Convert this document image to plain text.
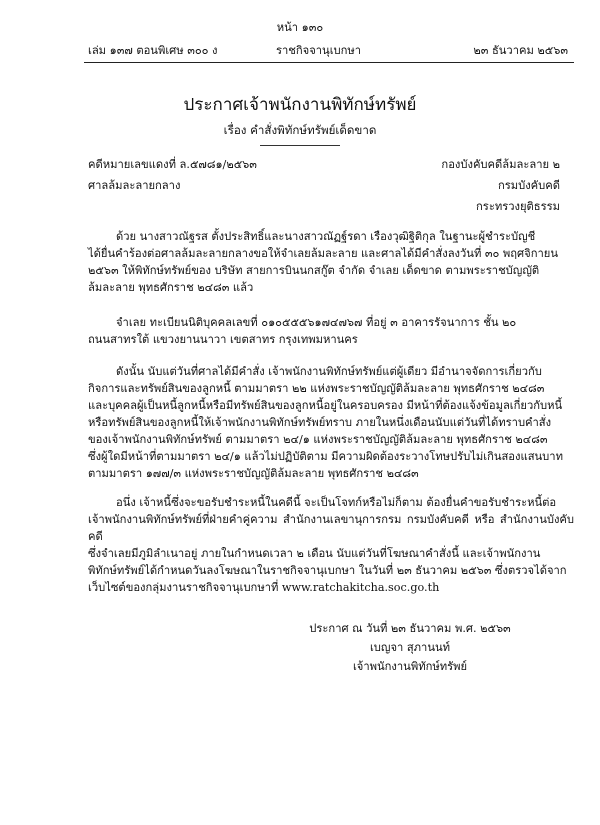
หน้า ๑๓๐
เล่ม ๑๓๗ ตอนพิเศษ ๓๐๐ ง	ราชกิจจานุเบกษา	๒๓ ธันวาคม ๒๕๖๓
ประกาศเจ้าพนักงานพิทักษ์ทรัพย์
เรื่อง คำสั่งพิทักษ์ทรัพย์เด็ดขาด
คดีหมายเลขแดงที่ ล.๕๗๘๑/๒๕๖๓
ศาลล้มละลายกลาง
กองบังคับคดีล้มละลาย ๒
กรมบังคับคดี
กระทรวงยุติธรรม

ด้วย นางสาวณัฐรส ตั้งประสิทธิ์และนางสาวณัฏฐ์รดา เรืองวุฒิฐิติกุล ในฐานะผู้ชำระบัญชี

ได้ยื่นคำร้องต่อศาลล้มละลายกลางขอให้จำเลยล้มละลาย และศาลได้มีคำสั่งลงวันที่ ๓๐ พฤศจิกายน

๒๕๖๓ ให้พิทักษ์ทรัพย์ของ บริษัท สายการบินนกสกู๊ต จำกัด จำเลย เด็ดขาด ตามพระราชบัญญัติ

ล้มละลาย พุทธศักราช ๒๔๘๓ แล้ว

จำเลย ทะเบียนนิติบุคคลเลขที่ ๐๑๐๕๕๕๖๑๗๔๗๖๗ ที่อยู่ ๓ อาคารรัจนาการ ชั้น ๒๐

ถนนสาทรใต้ แขวงยานนาวา เขตสาทร กรุงเทพมหานคร

ดังนั้น นับแต่วันที่ศาลได้มีคำสั่ง เจ้าพนักงานพิทักษ์ทรัพย์แต่ผู้เดียว มีอำนาจจัดการเกี่ยวกับ

กิจการและทรัพย์สินของลูกหนี้ ตามมาตรา ๒๒ แห่งพระราชบัญญัติล้มละลาย พุทธศักราช ๒๔๘๓

และบุคคลผู้เป็นหนี้ลูกหนี้หรือมีทรัพย์สินของลูกหนี้อยู่ในครอบครอง มีหน้าที่ต้องแจ้งข้อมูลเกี่ยวกับหนี้

หรือทรัพย์สินของลูกหนี้ให้เจ้าพนักงานพิทักษ์ทรัพย์ทราบ ภายในหนึ่งเดือนนับแต่วันที่ได้ทราบคำสั่ง

ของเจ้าพนักงานพิทักษ์ทรัพย์ ตามมาตรา ๒๔/๑ แห่งพระราชบัญญัติล้มละลาย พุทธศักราช ๒๔๘๓

ซึ่งผู้ใดมีหน้าที่ตามมาตรา ๒๔/๑ แล้วไม่ปฏิบัติตาม มีความผิดต้องระวางโทษปรับไม่เกินสองแสนบาท

ตามมาตรา ๑๗๗/๓ แห่งพระราชบัญญัติล้มละลาย พุทธศักราช ๒๔๘๓

อนึ่ง เจ้าหนี้ซึ่งจะขอรับชำระหนี้ในคดีนี้ จะเป็นโจทก์หรือไม่ก็ตาม ต้องยื่นคำขอรับชำระหนี้ต่อ

เจ้าพนักงานพิทักษ์ทรัพย์ที่ฝ่ายคำคู่ความ สำนักงานเลขานุการกรม กรมบังคับคดี หรือ สำนักงานบังคับคดี

ซึ่งจำเลยมีภูมิลำเนาอยู่ ภายในกำหนดเวลา ๒ เดือน นับแต่วันที่โฆษณาคำสั่งนี้ และเจ้าพนักงาน

พิทักษ์ทรัพย์ได้กำหนดวันลงโฆษณาในราชกิจจานุเบกษา ในวันที่ ๒๓ ธันวาคม ๒๕๖๓ ซึ่งตรวจได้จาก

เว็บไซต์ของกลุ่มงานราชกิจจานุเบกษาที่ www.ratchakitcha.soc.go.th

ประกาศ ณ วันที่ ๒๓ ธันวาคม พ.ศ. ๒๕๖๓
เบญจา สุภานนท์
เจ้าพนักงานพิทักษ์ทรัพย์
